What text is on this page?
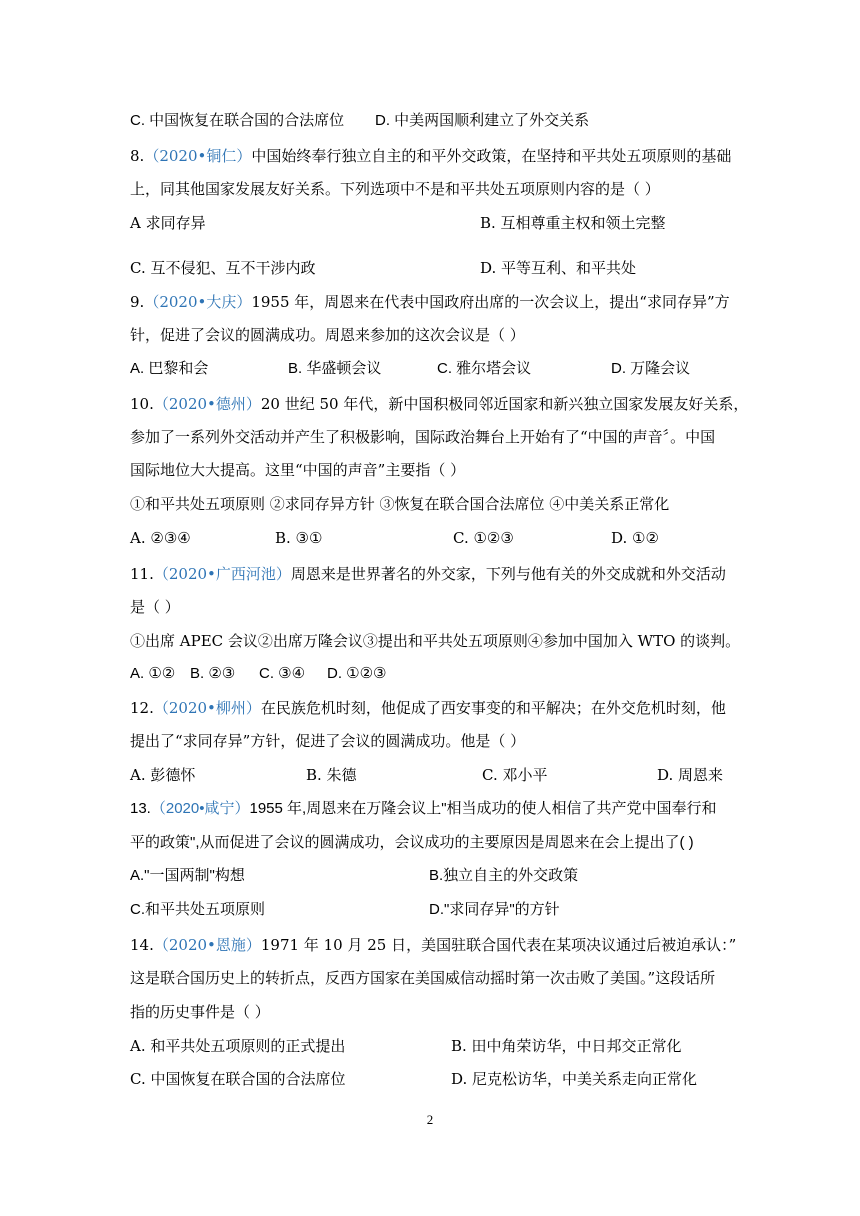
C. 中国恢复在联合国的合法席位 D. 中美两国顺利建立了外交关系
8.（2020•铜仁）中国始终奉行独立自主的和平外交政策，在坚持和平共处五项原则的基础
上，同其他国家发展友好关系。下列选项中不是和平共处五项原则内容的是（ ）
A 求同存异	B. 互相尊重主权和领土完整
C. 互不侵犯、互不干涉内政	D. 平等互利、和平共处
9.（2020•大庆）1955 年，周恩来在代表中国政府出席的一次会议上，提出“求同存异”方
针，促进了会议的圆满成功。周恩来参加的这次会议是（ ）
A. 巴黎和会	B. 华盛顿会议	C. 雅尔塔会议	D. 万隆会议
10.（2020•德州）20 世纪 50 年代，新中国积极同邻近国家和新兴独立国家发展友好关系，
参加了一系列外交活动并产生了积极影响，国际政治舞台上开始有了“中国的声音〞。中国
国际地位大大提高。这里“中国的声音”主要指（ ）
①和平共处五项原则 ②求同存异方针 ③恢复在联合国合法席位 ④中美关系正常化
A. ②③④	B. ③①	C. ①②③	D. ①②
11.（2020•广西河池）周恩来是世界著名的外交家，下列与他有关的外交成就和外交活动
是（ ）
①出席 APEC 会议②出席万隆会议③提出和平共处五项原则④参加中国加入 WTO 的谈判。
A. ①② B. ②③ C. ③④ D. ①②③
12.（2020•柳州）在民族危机时刻，他促成了西安事变的和平解决；在外交危机时刻，他
提出了“求同存异”方针，促进了会议的圆满成功。他是（ ）
A. 彭德怀	B. 朱德	C. 邓小平	D. 周恩来
13.（2020•咸宁）1955 年,周恩来在万隆会议上"相当成功的使人相信了共产党中国奉行和
平的政策",从而促进了会议的圆满成功，会议成功的主要原因是周恩来在会上提出了( )
A."一国两制"构想	B.独立自主的外交政策
C.和平共处五项原则	D."求同存异"的方针
14.（2020•恩施）1971 年 10 月 25 日，美国驻联合国代表在某项决议通过后被迫承认：”
这是联合国历史上的转折点，反西方国家在美国威信动摇时第一次击败了美国。”这段话所
指的历史事件是（ ）
A. 和平共处五项原则的正式提出	B. 田中角荣访华，中日邦交正常化
C. 中国恢复在联合国的合法席位	D. 尼克松访华，中美关系走向正常化
2
